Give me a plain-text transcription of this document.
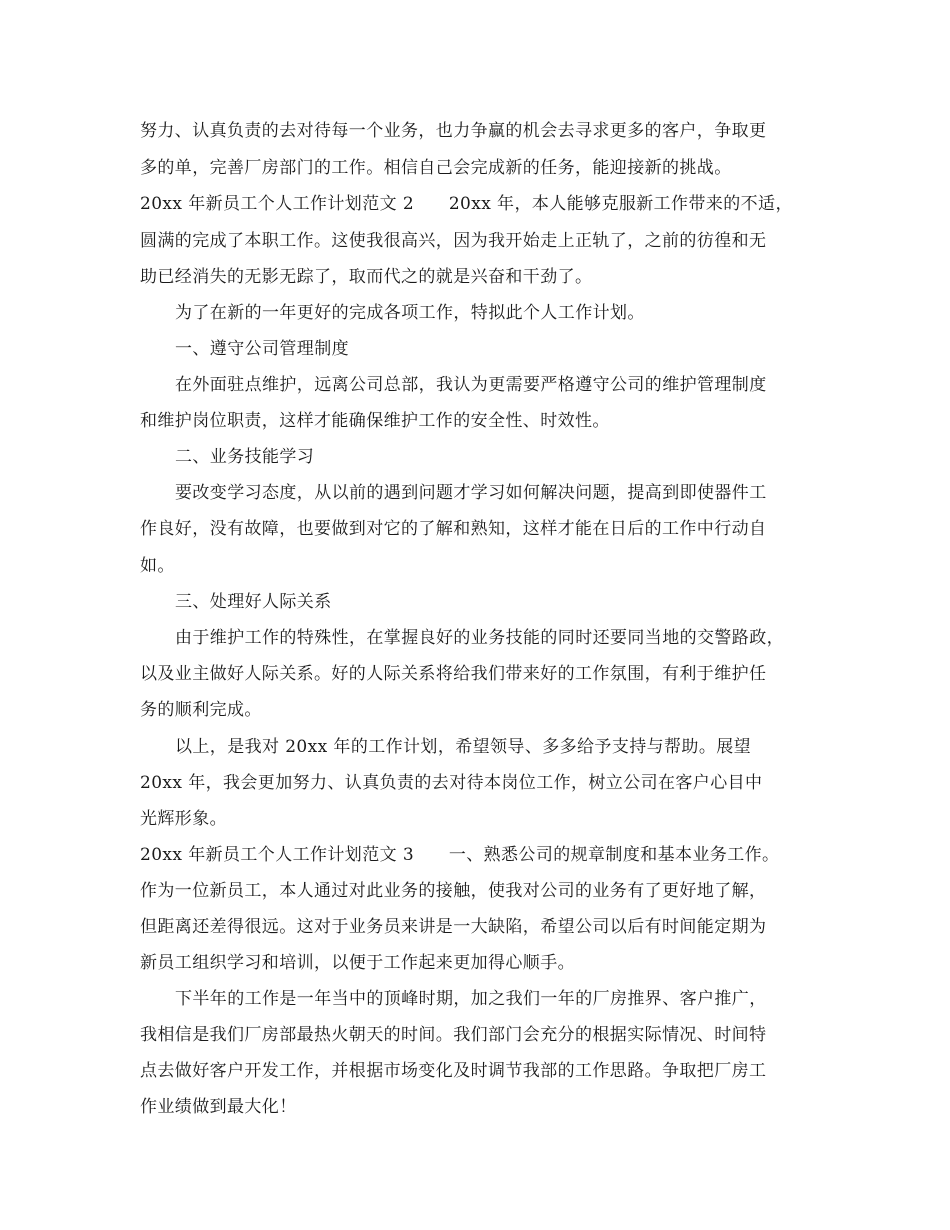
努力、认真负责的去对待每一个业务，也力争赢的机会去寻求更多的客户，争取更
多的单，完善厂房部门的工作。相信自己会完成新的任务，能迎接新的挑战。
20xx 年新员工个人工作计划范文 2　　20xx 年，本人能够克服新工作带来的不适，
圆满的完成了本职工作。这使我很高兴，因为我开始走上正轨了，之前的彷徨和无
助已经消失的无影无踪了，取而代之的就是兴奋和干劲了。
为了在新的一年更好的完成各项工作，特拟此个人工作计划。
一、遵守公司管理制度
在外面驻点维护，远离公司总部，我认为更需要严格遵守公司的维护管理制度
和维护岗位职责，这样才能确保维护工作的安全性、时效性。
二、业务技能学习
要改变学习态度，从以前的遇到问题才学习如何解决问题，提高到即使器件工
作良好，没有故障，也要做到对它的了解和熟知，这样才能在日后的工作中行动自
如。
三、处理好人际关系
由于维护工作的特殊性，在掌握良好的业务技能的同时还要同当地的交警路政，
以及业主做好人际关系。好的人际关系将给我们带来好的工作氛围，有利于维护任
务的顺利完成。
以上，是我对 20xx 年的工作计划，希望领导、多多给予支持与帮助。展望
20xx 年，我会更加努力、认真负责的去对待本岗位工作，树立公司在客户心目中
光辉形象。
20xx 年新员工个人工作计划范文 3　　一、熟悉公司的规章制度和基本业务工作。
作为一位新员工，本人通过对此业务的接触，使我对公司的业务有了更好地了解，
但距离还差得很远。这对于业务员来讲是一大缺陷，希望公司以后有时间能定期为
新员工组织学习和培训，以便于工作起来更加得心顺手。
下半年的工作是一年当中的顶峰时期，加之我们一年的厂房推界、客户推广，
我相信是我们厂房部最热火朝天的时间。我们部门会充分的根据实际情况、时间特
点去做好客户开发工作，并根据市场变化及时调节我部的工作思路。争取把厂房工
作业绩做到最大化！
